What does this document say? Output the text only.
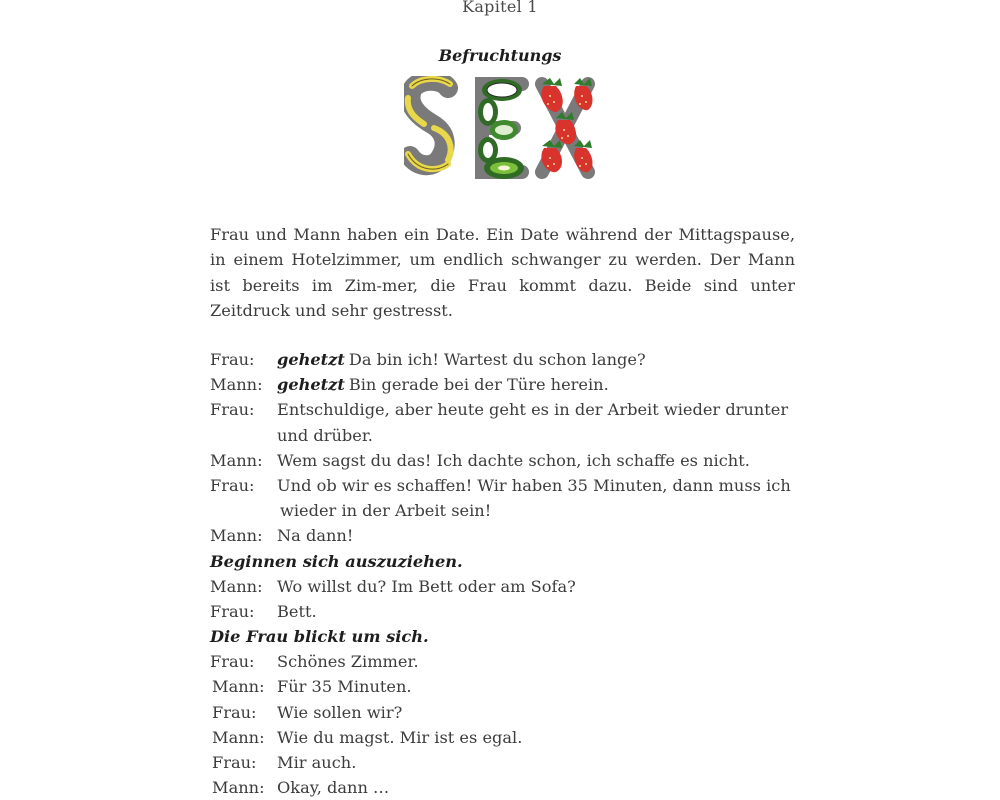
Kapitel 1
Befruchtungs

Frau und Mann haben ein Date. Ein Date während der Mittagspause, in einem Hotelzimmer, um endlich schwanger zu werden. Der Mann ist bereits im Zim-mer, die Frau kommt dazu. Beide sind unter Zeitdruck und sehr gestresst.

Frau:	gehetzt Da bin ich! Wartest du schon lange?
Mann: gehetzt Bin gerade bei der Türe herein.
Frau:	Entschuldige, aber heute geht es in der Arbeit wieder drunter
und drüber.
Mann: Wem sagst du das! Ich dachte schon, ich schaffe es nicht.
Frau:	Und ob wir es schaffen! Wir haben 35 Minuten, dann muss ich
wieder in der Arbeit sein!
Mann: Na dann!
Beginnen sich auszuziehen.
Mann: Wo willst du? Im Bett oder am Sofa?
Frau:	Bett.
Die Frau blickt um sich.
Frau:	Schönes Zimmer.
Mann: Für 35 Minuten.
Frau:	Wie sollen wir?
Mann: Wie du magst. Mir ist es egal.
Frau:	Mir auch.
Mann: Okay, dann …
